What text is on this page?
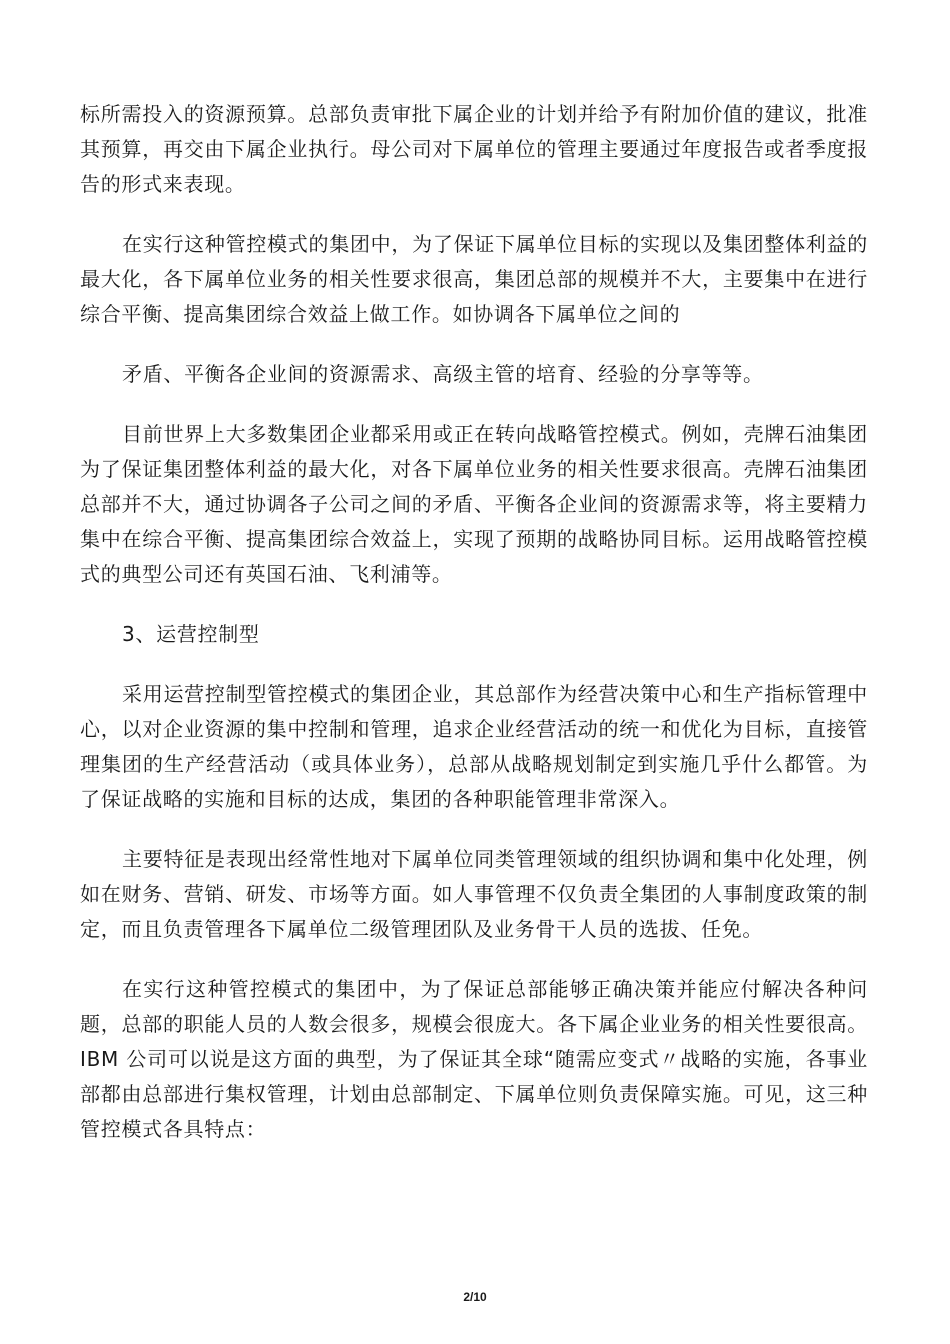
标所需投入的资源预算。总部负责审批下属企业的计划并给予有附加价值的建议，批准其预算，再交由下属企业执行。母公司对下属单位的管理主要通过年度报告或者季度报告的形式来表现。

在实行这种管控模式的集团中，为了保证下属单位目标的实现以及集团整体利益的最大化，各下属单位业务的相关性要求很高，集团总部的规模并不大，主要集中在进行综合平衡、提高集团综合效益上做工作。如协调各下属单位之间的

矛盾、平衡各企业间的资源需求、高级主管的培育、经验的分享等等。

目前世界上大多数集团企业都采用或正在转向战略管控模式。例如，壳牌石油集团为了保证集团整体利益的最大化，对各下属单位业务的相关性要求很高。壳牌石油集团总部并不大，通过协调各子公司之间的矛盾、平衡各企业间的资源需求等，将主要精力集中在综合平衡、提高集团综合效益上，实现了预期的战略协同目标。运用战略管控模式的典型公司还有英国石油、飞利浦等。

3、运营控制型

采用运营控制型管控模式的集团企业，其总部作为经营决策中心和生产指标管理中心，以对企业资源的集中控制和管理，追求企业经营活动的统一和优化为目标，直接管理集团的生产经营活动（或具体业务），总部从战略规划制定到实施几乎什么都管。为了保证战略的实施和目标的达成，集团的各种职能管理非常深入。

主要特征是表现出经常性地对下属单位同类管理领域的组织协调和集中化处理，例如在财务、营销、研发、市场等方面。如人事管理不仅负责全集团的人事制度政策的制定，而且负责管理各下属单位二级管理团队及业务骨干人员的选拔、任免。

在实行这种管控模式的集团中，为了保证总部能够正确决策并能应付解决各种问题，总部的职能人员的人数会很多，规模会很庞大。各下属企业业务的相关性要很高。IBM 公司可以说是这方面的典型，为了保证其全球“随需应变式〃战略的实施，各事业部都由总部进行集权管理，计划由总部制定、下属单位则负责保障实施。可见，这三种管控模式各具特点：

2/10
